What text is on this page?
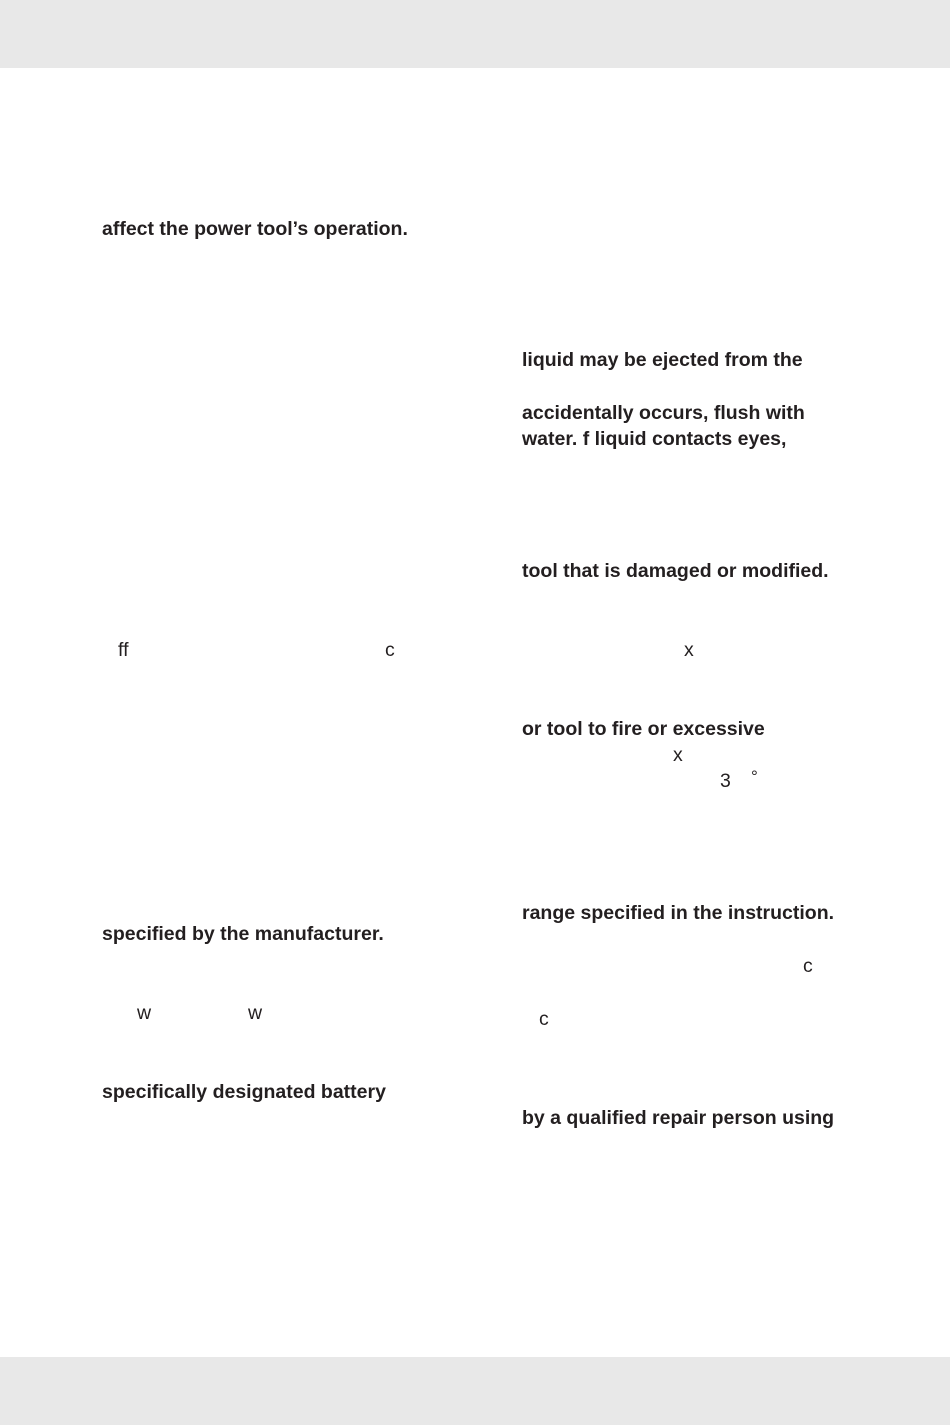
affect the power tool’s operation.
ff	c
specified by the manufacturer.
w	w
specifically designated battery
liquid may be ejected from the
accidentally occurs, flush with
water. f liquid contacts eyes,
tool that is damaged or modified.
x
or tool to fire or excessive
x
3 °
range specified in the instruction.
c
c
by a qualified repair person using
